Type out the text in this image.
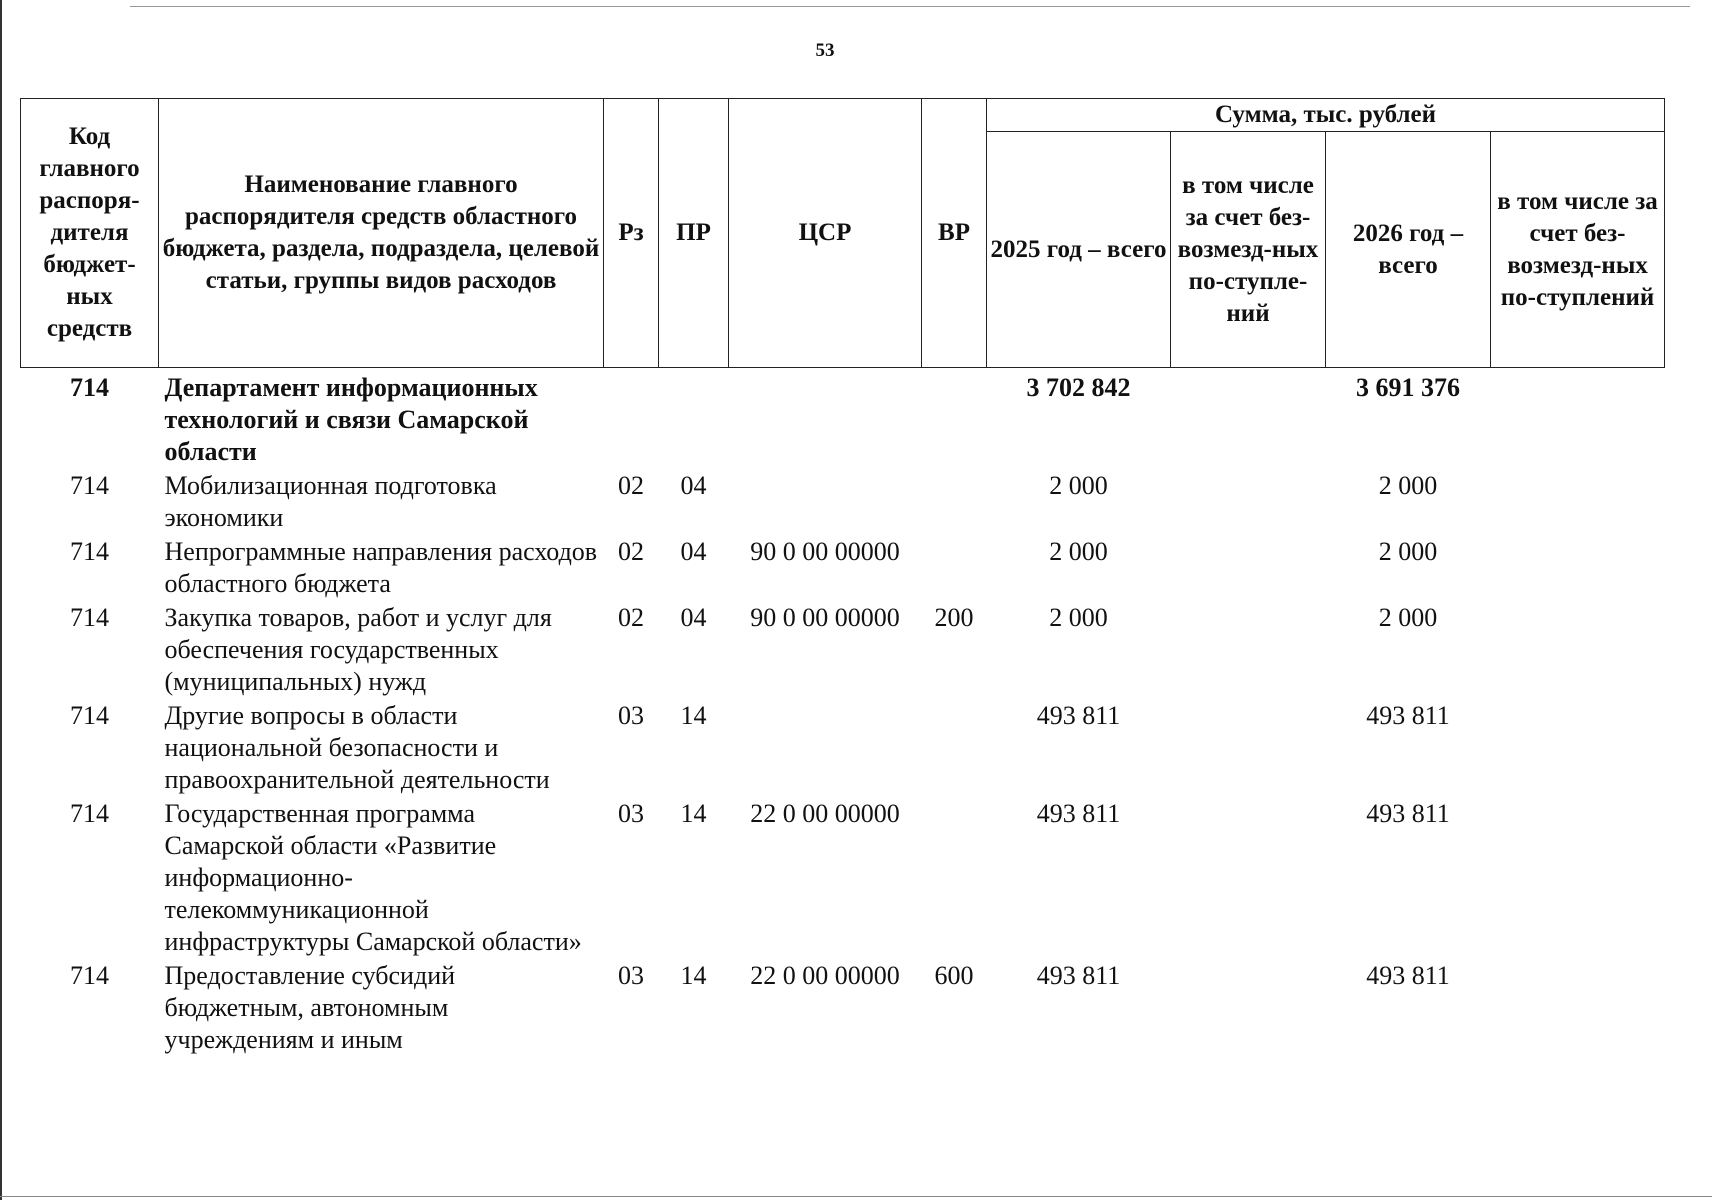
53
Код главного распоря-дителя бюджет-ных средств	Наименование главного распорядителя средств областного бюджета, раздела, подраздела, целевой статьи, группы видов расходов	Рз	ПР	ЦСР	ВР	Сумма, тыс. рублей			
						2025 год – всего	в том числе за счет без-возмезд-ных по-ступле-ний	2026 год – всего	в том числе за счет без-возмезд-ных по-ступлений
714	Департамент информационных технологий и связи Самарской области					3 702 842		3 691 376	
714	Мобилизационная подготовка экономики	02	04			2 000		2 000	
714	Непрограммные направления расходов областного бюджета	02	04	90 0 00 00000		2 000		2 000	
714	Закупка товаров, работ и услуг для обеспечения государственных (муниципальных) нужд	02	04	90 0 00 00000	200	2 000		2 000	
714	Другие вопросы в области национальной безопасности и правоохранительной деятельности	03	14			493 811		493 811	
714	Государственная программа Самарской области «Развитие информационно-телекоммуникационной инфраструктуры Самарской области»	03	14	22 0 00 00000		493 811		493 811	
714	Предоставление субсидий бюджетным, автономным учреждениям и иным	03	14	22 0 00 00000	600	493 811		493 811	
